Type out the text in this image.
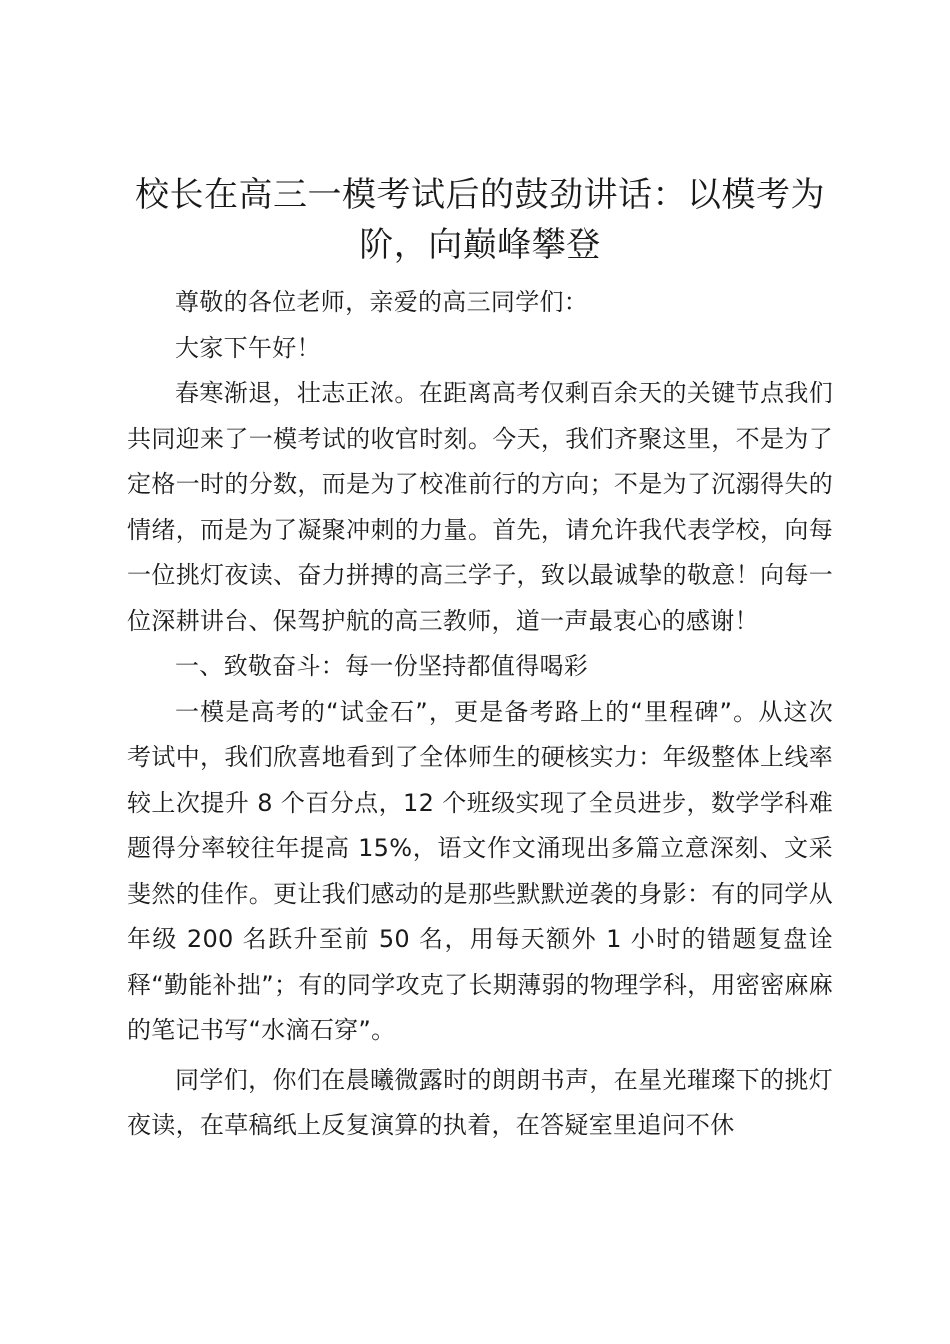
校长在高三一模考试后的鼓劲讲话：以模考为阶，向巅峰攀登

尊敬的各位老师，亲爱的高三同学们：

大家下午好！

春寒渐退，壮志正浓。在距离高考仅剩百余天的关键节点我们共同迎来了一模考试的收官时刻。今天，我们齐聚这里，不是为了定格一时的分数，而是为了校准前行的方向；不是为了沉溺得失的情绪，而是为了凝聚冲刺的力量。首先，请允许我代表学校，向每一位挑灯夜读、奋力拼搏的高三学子，致以最诚挚的敬意！向每一位深耕讲台、保驾护航的高三教师，道一声最衷心的感谢！

一、致敬奋斗：每一份坚持都值得喝彩

一模是高考的“试金石”，更是备考路上的“里程碑”。从这次考试中，我们欣喜地看到了全体师生的硬核实力：年级整体上线率较上次提升 8 个百分点，12 个班级实现了全员进步，数学学科难题得分率较往年提高 15%，语文作文涌现出多篇立意深刻、文采斐然的佳作。更让我们感动的是那些默默逆袭的身影：有的同学从年级 200 名跃升至前 50 名，用每天额外 1 小时的错题复盘诠释“勤能补拙”；有的同学攻克了长期薄弱的物理学科，用密密麻麻的笔记书写“水滴石穿”。

同学们，你们在晨曦微露时的朗朗书声，在星光璀璨下的挑灯夜读，在草稿纸上反复演算的执着，在答疑室里追问不休
